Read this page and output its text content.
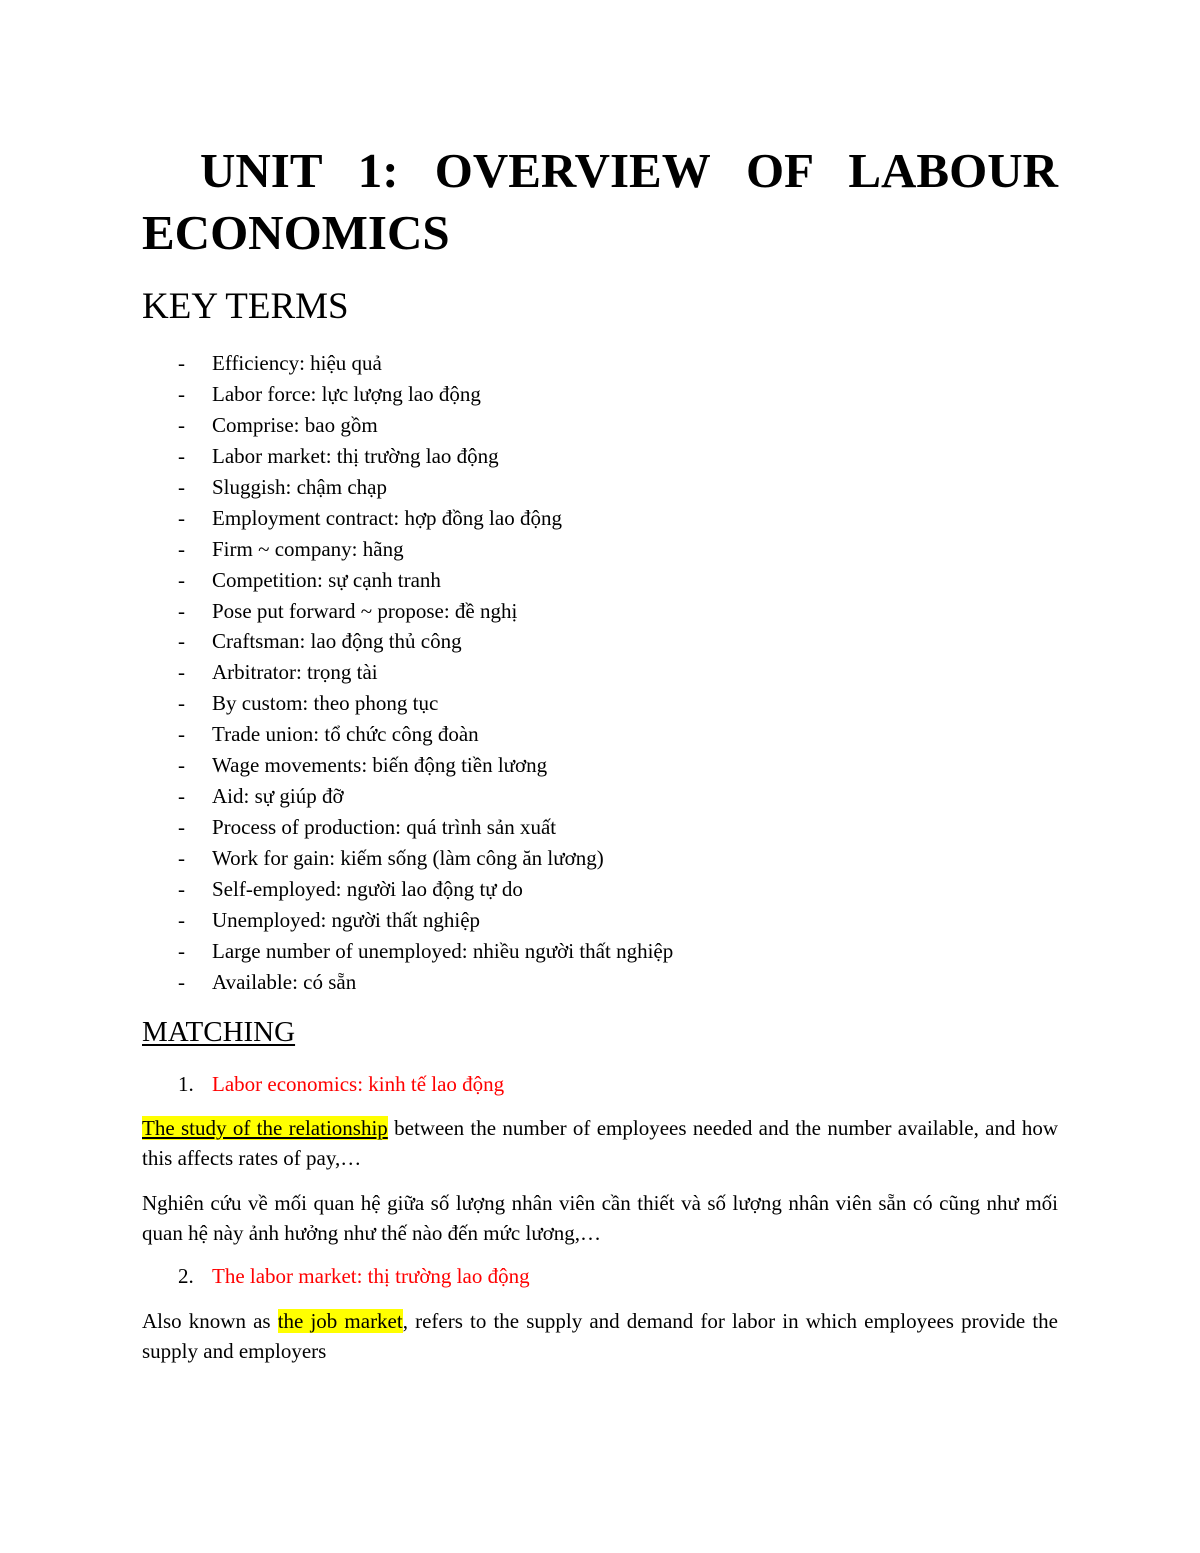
UNIT 1: OVERVIEW OF LABOUR ECONOMICS
KEY TERMS
- Efficiency: hiệu quả
- Labor force: lực lượng lao động
- Comprise: bao gồm
- Labor market: thị trường lao động
- Sluggish: chậm chạp
- Employment contract: hợp đồng lao động
- Firm ~ company: hãng
- Competition: sự cạnh tranh
- Pose put forward ~ propose: đề nghị
- Craftsman: lao động thủ công
- Arbitrator: trọng tài
- By custom: theo phong tục
- Trade union: tổ chức công đoàn
- Wage movements: biến động tiền lương
- Aid: sự giúp đỡ
- Process of production: quá trình sản xuất
- Work for gain: kiếm sống (làm công ăn lương)
- Self-employed: người lao động tự do
- Unemployed: người thất nghiệp
- Large number of unemployed: nhiều người thất nghiệp
- Available: có sẵn
MATCHING
1. Labor economics: kinh tế lao động

The study of the relationship between the number of employees needed and the number available, and how this affects rates of pay,…

Nghiên cứu về mối quan hệ giữa số lượng nhân viên cần thiết và số lượng nhân viên sẵn có cũng như mối quan hệ này ảnh hưởng như thế nào đến mức lương,…

2. The labor market: thị trường lao động

Also known as the job market, refers to the supply and demand for labor in which employees provide the supply and employers
